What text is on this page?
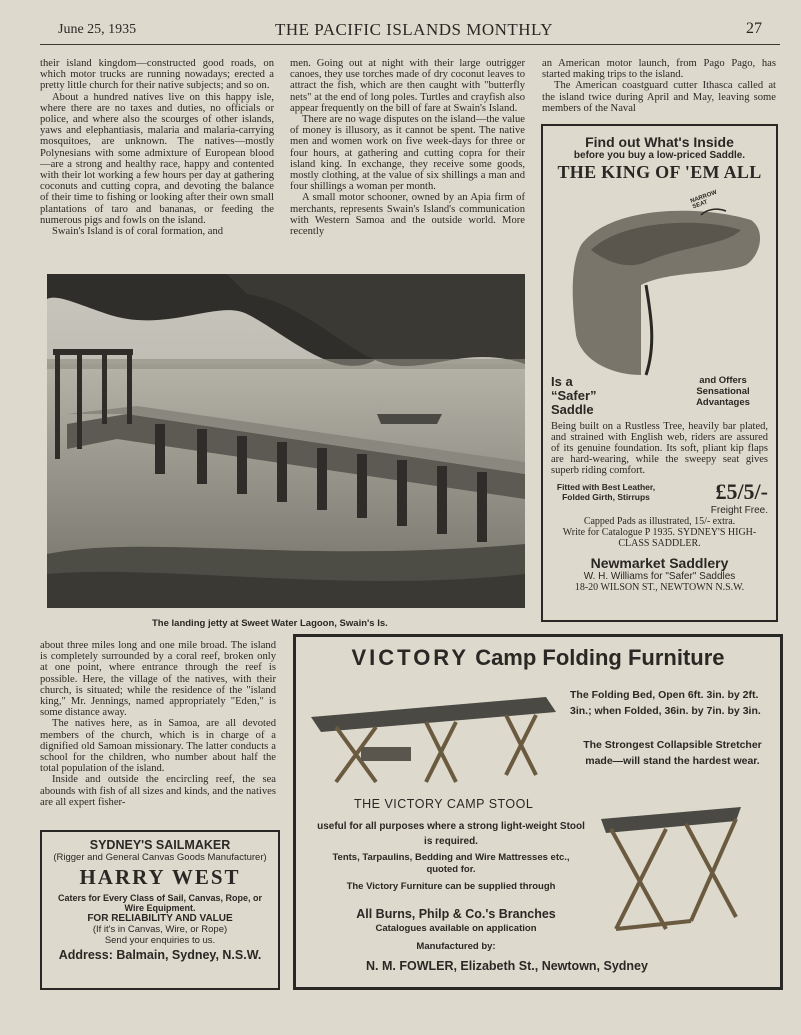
June 25, 1935	THE PACIFIC ISLANDS MONTHLY	27

their island kingdom—constructed good roads, on which motor trucks are running nowadays; erected a pretty little church for their native subjects; and so on.

About a hundred natives live on this happy isle, where there are no taxes and duties, no officials or police, and where also the scourges of other islands, yaws and elephantiasis, malaria and malaria-carrying mosquitoes, are unknown. The natives—mostly Polynesians with some admixture of European blood—are a strong and healthy race, happy and contented with their lot working a few hours per day at gathering coconuts and cutting copra, and devoting the balance of their time to fishing or looking after their own small plantations of taro and bananas, or feeding the numerous pigs and fowls on the island.

Swain's Island is of coral formation, and

men. Going out at night with their large outrigger canoes, they use torches made of dry coconut leaves to attract the fish, which are then caught with "butterfly nets" at the end of long poles. Turtles and crayfish also appear frequently on the bill of fare at Swain's Island.

There are no wage disputes on the island—the value of money is illusory, as it cannot be spent. The native men and women work on five week-days for three or four hours, at gathering and cutting copra for their island king. In exchange, they receive some goods, mostly clothing, at the value of six shillings a man and four shillings a woman per month.

A small motor schooner, owned by an Apia firm of merchants, represents Swain's Island's communication with Western Samoa and the outside world. More recently

an American motor launch, from Pago Pago, has started making trips to the island.

The American coastguard cutter Ithasca called at the island twice during April and May, leaving some members of the Naval

The landing jetty at Sweet Water Lagoon, Swain's Is.

about three miles long and one mile broad. The island is completely surrounded by a coral reef, broken only at one point, where entrance through the reef is possible. Here, the village of the natives, with their church, is situated; while the residence of the "island king," Mr. Jennings, named appropriately "Eden," is some distance away.

The natives here, as in Samoa, are all devoted members of the church, which is in charge of a dignified old Samoan missionary. The latter conducts a school for the children, who number about half the total population of the island.

Inside and outside the encircling reef, the sea abounds with fish of all sizes and kinds, and the natives are all expert fisher-

Find out What's Inside
before you buy a low-priced Saddle.
THE KING OF 'EM ALL
NARROW SEAT
Is a “Safer” Saddle
and Offers Sensational Advantages
Being built on a Rustless Tree, heavily bar plated, and strained with English web, riders are assured of its genuine foundation. Its soft, pliant kip flaps are hard-wearing, while the sweepy seat gives superb riding comfort.
Fitted with Best Leather, Folded Girth, Stirrups	£5/5/-
Freight Free.
Capped Pads as illustrated, 15/- extra.
Write for Catalogue P 1935. SYDNEY'S HIGH-CLASS SADDLER.
Newmarket Saddlery
W. H. Williams for "Safer" Saddles
18-20 WILSON ST., NEWTOWN N.S.W.
SYDNEY'S SAILMAKER
(Rigger and General Canvas Goods Manufacturer)
HARRY WEST
Caters for Every Class of Sail, Canvas, Rope, or Wire Equipment.
FOR RELIABILITY AND VALUE
(If it's in Canvas, Wire, or Rope)
Send your enquiries to us.
Address: Balmain, Sydney, N.S.W.
VICTORY Camp Folding Furniture
The Folding Bed, Open 6ft. 3in. by 2ft. 3in.; when Folded, 36in. by 7in. by 3in.
The Strongest Collapsible Stretcher made—will stand the hardest wear.
THE VICTORY CAMP STOOL
useful for all purposes where a strong light-weight Stool is required.
Tents, Tarpaulins, Bedding and Wire Mattresses etc., quoted for.
The Victory Furniture can be supplied through
All Burns, Philp & Co.'s Branches
Catalogues available on application
Manufactured by:
N. M. FOWLER, Elizabeth St., Newtown, Sydney
